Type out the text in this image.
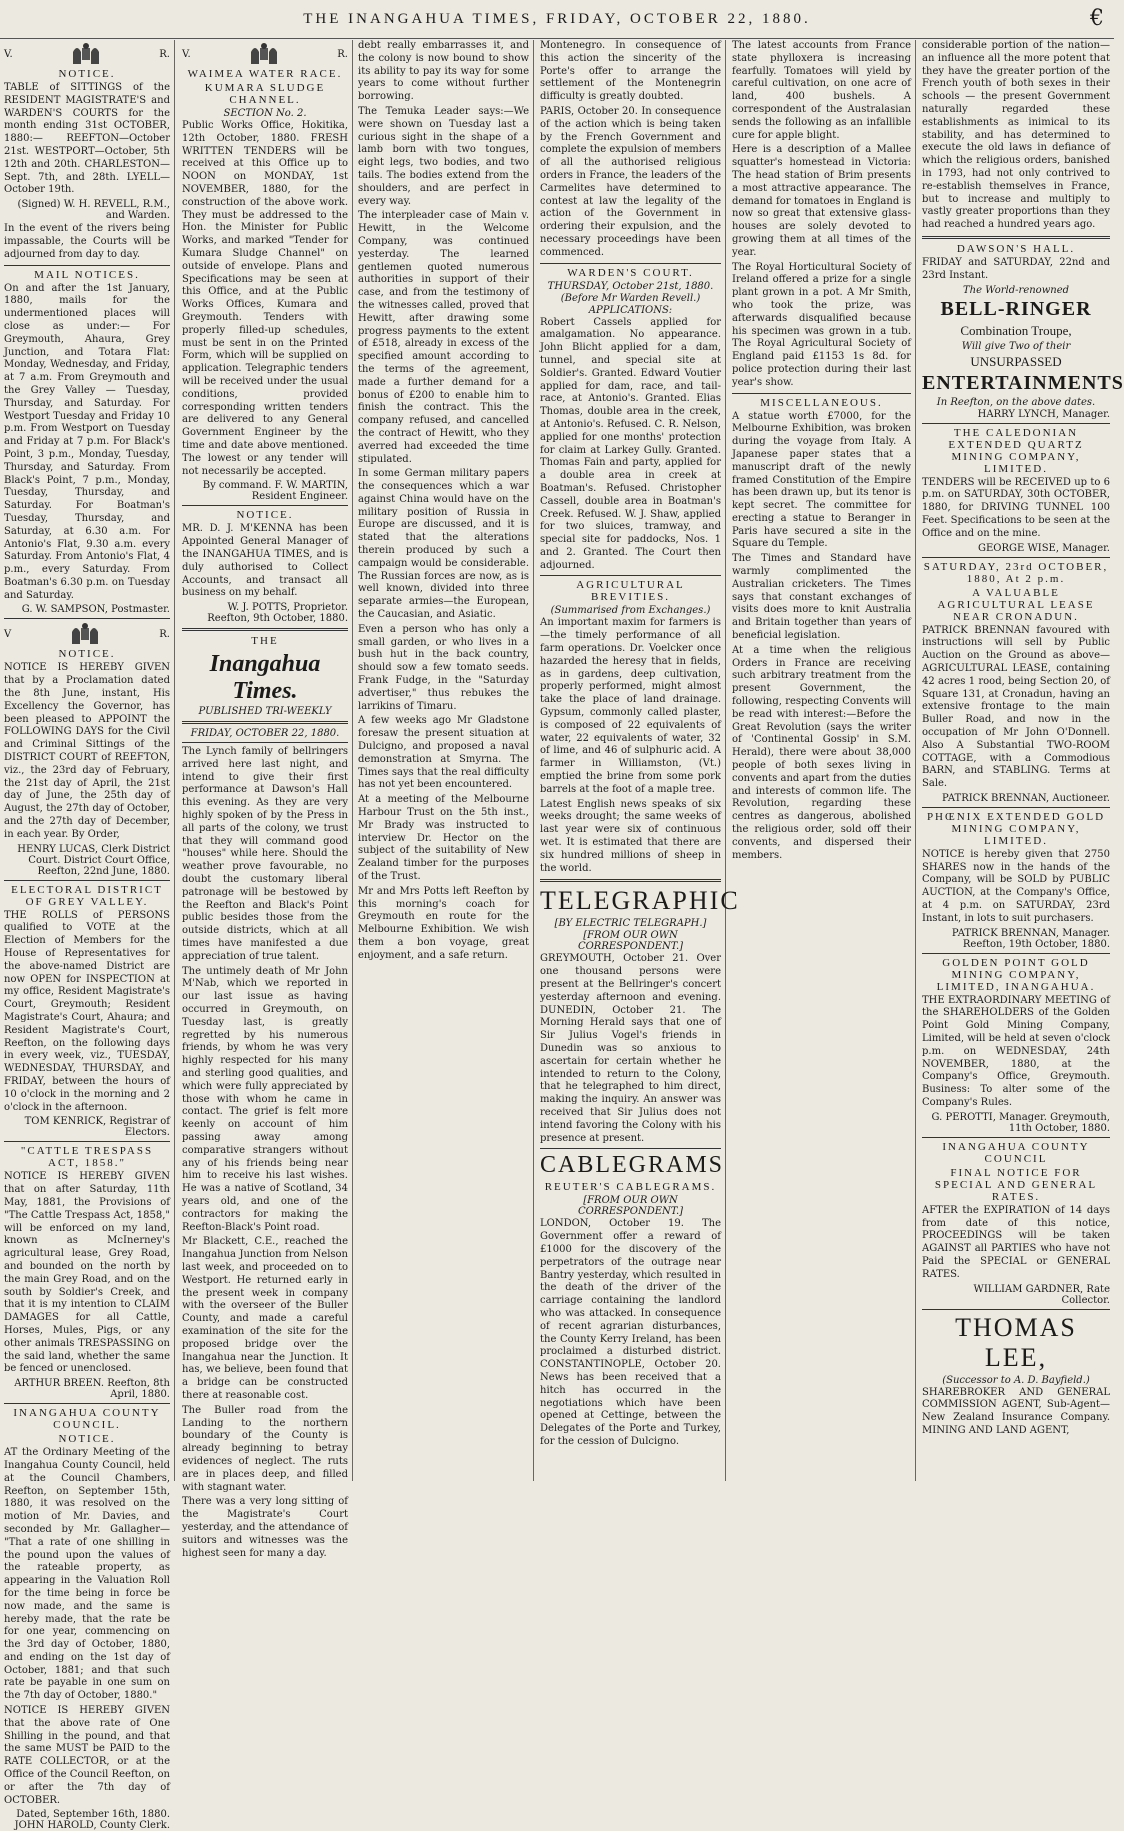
THE INANGAHUA TIMES, FRIDAY, OCTOBER 22, 1880.	€
V.	R.
NOTICE.

TABLE of SITTINGS of the RESIDENT MAGISTRATE'S and WARDEN'S COURTS for the month ending 31st OCTOBER, 1880:— REEFTON—October 21st. WESTPORT—October, 5th 12th and 20th. CHARLESTON—Sept. 7th, and 28th. LYELL—October 19th.

(Signed) W. H. REVELL, R.M., and Warden.

In the event of the rivers being impassable, the Courts will be adjourned from day to day.

MAIL NOTICES.

On and after the 1st January, 1880, mails for the undermentioned places will close as under:— For Greymouth, Ahaura, Grey Junction, and Totara Flat: Monday, Wednesday, and Friday, at 7 a.m. From Greymouth and the Grey Valley — Tuesday, Thursday, and Saturday. For Westport Tuesday and Friday 10 p.m. From Westport on Tuesday and Friday at 7 p.m. For Black's Point, 3 p.m., Monday, Tuesday, Thursday, and Saturday. From Black's Point, 7 p.m., Monday, Tuesday, Thursday, and Saturday. For Boatman's Tuesday, Thursday, and Saturday, at 6.30 a.m. For Antonio's Flat, 9.30 a.m. every Saturday. From Antonio's Flat, 4 p.m., every Saturday. From Boatman's 6.30 p.m. on Tuesday and Saturday.

G. W. SAMPSON, Postmaster.

V	R.
NOTICE.

NOTICE IS HEREBY GIVEN that by a Proclamation dated the 8th June, instant, His Excellency the Governor, has been pleased to APPOINT the FOLLOWING DAYS for the Civil and Criminal Sittings of the DISTRICT COURT of REEFTON, viz., the 23rd day of February, the 21st day of April, the 21st day of June, the 25th day of August, the 27th day of October, and the 27th day of December, in each year. By Order,

HENRY LUCAS, Clerk District Court. District Court Office, Reefton, 22nd June, 1880.

ELECTORAL DISTRICT OF GREY VALLEY.

THE ROLLS of PERSONS qualified to VOTE at the Election of Members for the House of Representatives for the above-named District are now OPEN for INSPECTION at my office, Resident Magistrate's Court, Greymouth; Resident Magistrate's Court, Ahaura; and Resident Magistrate's Court, Reefton, on the following days in every week, viz., TUESDAY, WEDNESDAY, THURSDAY, and FRIDAY, between the hours of 10 o'clock in the morning and 2 o'clock in the afternoon.

TOM KENRICK, Registrar of Electors.

"CATTLE TRESPASS ACT, 1858."

NOTICE IS HEREBY GIVEN that on after Saturday, 11th May, 1881, the Provisions of "The Cattle Trespass Act, 1858," will be enforced on my land, known as McInerney's agricultural lease, Grey Road, and bounded on the north by the main Grey Road, and on the south by Soldier's Creek, and that it is my intention to CLAIM DAMAGES for all Cattle, Horses, Mules, Pigs, or any other animals TRESPASSING on the said land, whether the same be fenced or unenclosed.

ARTHUR BREEN. Reefton, 8th April, 1880.

INANGAHUA COUNTY COUNCIL.
NOTICE.

AT the Ordinary Meeting of the Inangahua County Council, held at the Council Chambers, Reefton, on September 15th, 1880, it was resolved on the motion of Mr. Davies, and seconded by Mr. Gallagher— "That a rate of one shilling in the pound upon the values of the rateable property, as appearing in the Valuation Roll for the time being in force be now made, and the same is hereby made, that the rate be for one year, commencing on the 3rd day of October, 1880, and ending on the 1st day of October, 1881; and that such rate be payable in one sum on the 7th day of October, 1880."

NOTICE IS HEREBY GIVEN that the above rate of One Shilling in the pound, and that the same MUST be PAID to the RATE COLLECTOR, or at the Office of the Council Reefton, on or after the 7th day of OCTOBER.

Dated, September 16th, 1880. JOHN HAROLD, County Clerk.

V.	R.
WAIMEA WATER RACE.
KUMARA SLUDGE CHANNEL.
SECTION No. 2.

Public Works Office, Hokitika, 12th October, 1880. FRESH WRITTEN TENDERS will be received at this Office up to NOON on MONDAY, 1st NOVEMBER, 1880, for the construction of the above work. They must be addressed to the Hon. the Minister for Public Works, and marked "Tender for Kumara Sludge Channel" on outside of envelope. Plans and Specifications may be seen at this Office, and at the Public Works Offices, Kumara and Greymouth. Tenders with properly filled-up schedules, must be sent in on the Printed Form, which will be supplied on application. Telegraphic tenders will be received under the usual conditions, provided corresponding written tenders are delivered to any General Government Engineer by the time and date above mentioned. The lowest or any tender will not necessarily be accepted.

By command. F. W. MARTIN, Resident Engineer.

NOTICE.

MR. D. J. M'KENNA has been Appointed General Manager of the INANGAHUA TIMES, and is duly authorised to Collect Accounts, and transact all business on my behalf.

W. J. POTTS, Proprietor. Reefton, 9th October, 1880.

THE
Inangahua Times.
PUBLISHED TRI-WEEKLY
FRIDAY, OCTOBER 22, 1880.

The Lynch family of bellringers arrived here last night, and intend to give their first performance at Dawson's Hall this evening. As they are very highly spoken of by the Press in all parts of the colony, we trust that they will command good "houses" while here. Should the weather prove favourable, no doubt the customary liberal patronage will be bestowed by the Reefton and Black's Point public besides those from the outside districts, which at all times have manifested a due appreciation of true talent.

The untimely death of Mr John M'Nab, which we reported in our last issue as having occurred in Greymouth, on Tuesday last, is greatly regretted by his numerous friends, by whom he was very highly respected for his many and sterling good qualities, and which were fully appreciated by those with whom he came in contact. The grief is felt more keenly on account of him passing away among comparative strangers without any of his friends being near him to receive his last wishes. He was a native of Scotland, 34 years old, and one of the contractors for making the Reefton-Black's Point road.

Mr Blackett, C.E., reached the Inangahua Junction from Nelson last week, and proceeded on to Westport. He returned early in the present week in company with the overseer of the Buller County, and made a careful examination of the site for the proposed bridge over the Inangahua near the Junction. It has, we believe, been found that a bridge can be constructed there at reasonable cost.

The Buller road from the Landing to the northern boundary of the County is already beginning to betray evidences of neglect. The ruts are in places deep, and filled with stagnant water.

There was a very long sitting of the Magistrate's Court yesterday, and the attendance of suitors and witnesses was the highest seen for many a day.

debt really embarrasses it, and the colony is now bound to show its ability to pay its way for some years to come without further borrowing.

The Temuka Leader says:—We were shown on Tuesday last a curious sight in the shape of a lamb born with two tongues, eight legs, two bodies, and two tails. The bodies extend from the shoulders, and are perfect in every way.

The interpleader case of Main v. Hewitt, in the Welcome Company, was continued yesterday. The learned gentlemen quoted numerous authorities in support of their case, and from the testimony of the witnesses called, proved that Hewitt, after drawing some progress payments to the extent of £518, already in excess of the specified amount according to the terms of the agreement, made a further demand for a bonus of £200 to enable him to finish the contract. This the company refused, and cancelled the contract of Hewitt, who they averred had exceeded the time stipulated.

In some German military papers the consequences which a war against China would have on the military position of Russia in Europe are discussed, and it is stated that the alterations therein produced by such a campaign would be considerable. The Russian forces are now, as is well known, divided into three separate armies—the European, the Caucasian, and Asiatic.

Even a person who has only a small garden, or who lives in a bush hut in the back country, should sow a few tomato seeds. Frank Fudge, in the "Saturday advertiser," thus rebukes the larrikins of Timaru.

A few weeks ago Mr Gladstone foresaw the present situation at Dulcigno, and proposed a naval demonstration at Smyrna. The Times says that the real difficulty has not yet been encountered.

At a meeting of the Melbourne Harbour Trust on the 5th inst., Mr Brady was instructed to interview Dr. Hector on the subject of the suitability of New Zealand timber for the purposes of the Trust.

Mr and Mrs Potts left Reefton by this morning's coach for Greymouth en route for the Melbourne Exhibition. We wish them a bon voyage, great enjoyment, and a safe return.

Montenegro. In consequence of this action the sincerity of the Porte's offer to arrange the settlement of the Montenegrin difficulty is greatly doubted.

PARIS, October 20. In consequence of the action which is being taken by the French Government and complete the expulsion of members of all the authorised religious orders in France, the leaders of the Carmelites have determined to contest at law the legality of the action of the Government in ordering their expulsion, and the necessary proceedings have been commenced.

WARDEN'S COURT.
THURSDAY, October 21st, 1880.
(Before Mr Warden Revell.)
APPLICATIONS:

Robert Cassels applied for amalgamation. No appearance. John Blicht applied for a dam, tunnel, and special site at Soldier's. Granted. Edward Voutier applied for dam, race, and tail-race, at Antonio's. Granted. Elias Thomas, double area in the creek, at Antonio's. Refused. C. R. Nelson, applied for one months' protection for claim at Larkey Gully. Granted. Thomas Fain and party, applied for a double area in creek at Boatman's. Refused. Christopher Cassell, double area in Boatman's Creek. Refused. W. J. Shaw, applied for two sluices, tramway, and special site for paddocks, Nos. 1 and 2. Granted. The Court then adjourned.

AGRICULTURAL BREVITIES.
(Summarised from Exchanges.)

An important maxim for farmers is—the timely performance of all farm operations. Dr. Voelcker once hazarded the heresy that in fields, as in gardens, deep cultivation, properly performed, might almost take the place of land drainage. Gypsum, commonly called plaster, is composed of 22 equivalents of water, 22 equivalents of water, 32 of lime, and 46 of sulphuric acid. A farmer in Williamston, (Vt.) emptied the brine from some pork barrels at the foot of a maple tree.

Latest English news speaks of six weeks drought; the same weeks of last year were six of continuous wet. It is estimated that there are six hundred millions of sheep in the world.

TELEGRAPHIC
[BY ELECTRIC TELEGRAPH.]
[FROM OUR OWN CORRESPONDENT.]

GREYMOUTH, October 21. Over one thousand persons were present at the Bellringer's concert yesterday afternoon and evening. DUNEDIN, October 21. The Morning Herald says that one of Sir Julius Vogel's friends in Dunedin was so anxious to ascertain for certain whether he intended to return to the Colony, that he telegraphed to him direct, making the inquiry. An answer was received that Sir Julius does not intend favoring the Colony with his presence at present.

CABLEGRAMS
REUTER'S CABLEGRAMS.
[FROM OUR OWN CORRESPONDENT.]

LONDON, October 19. The Government offer a reward of £1000 for the discovery of the perpetrators of the outrage near Bantry yesterday, which resulted in the death of the driver of the carriage containing the landlord who was attacked. In consequence of recent agrarian disturbances, the County Kerry Ireland, has been proclaimed a disturbed district. CONSTANTINOPLE, October 20. News has been received that a hitch has occurred in the negotiations which have been opened at Cettinge, between the Delegates of the Porte and Turkey, for the cession of Dulcigno.

The latest accounts from France state phylloxera is increasing fearfully. Tomatoes will yield by careful cultivation, on one acre of land, 400 bushels. A correspondent of the Australasian sends the following as an infallible cure for apple blight.

Here is a description of a Mallee squatter's homestead in Victoria: The head station of Brim presents a most attractive appearance. The demand for tomatoes in England is now so great that extensive glass-houses are solely devoted to growing them at all times of the year.

The Royal Horticultural Society of Ireland offered a prize for a single plant grown in a pot. A Mr Smith, who took the prize, was afterwards disqualified because his specimen was grown in a tub. The Royal Agricultural Society of England paid £1153 1s 8d. for police protection during their last year's show.

MISCELLANEOUS.

A statue worth £7000, for the Melbourne Exhibition, was broken during the voyage from Italy. A Japanese paper states that a manuscript draft of the newly framed Constitution of the Empire has been drawn up, but its tenor is kept secret. The committee for erecting a statue to Beranger in Paris have secured a site in the Square du Temple.

The Times and Standard have warmly complimented the Australian cricketers. The Times says that constant exchanges of visits does more to knit Australia and Britain together than years of beneficial legislation.

At a time when the religious Orders in France are receiving such arbitrary treatment from the present Government, the following, respecting Convents will be read with interest:—Before the Great Revolution (says the writer of 'Continental Gossip' in S.M. Herald), there were about 38,000 people of both sexes living in convents and apart from the duties and interests of common life. The Revolution, regarding these centres as dangerous, abolished the religious order, sold off their convents, and dispersed their members.

considerable portion of the nation—an influence all the more potent that they have the greater portion of the French youth of both sexes in their schools — the present Government naturally regarded these establishments as inimical to its stability, and has determined to execute the old laws in defiance of which the religious orders, banished in 1793, had not only contrived to re-establish themselves in France, but to increase and multiply to vastly greater proportions than they had reached a hundred years ago.

DAWSON'S HALL.

FRIDAY and SATURDAY, 22nd and 23rd Instant.

The World-renowned
BELL-RINGER
Combination Troupe,
Will give Two of their
UNSURPASSED
ENTERTAINMENTS
In Reefton, on the above dates.

HARRY LYNCH, Manager.

THE CALEDONIAN EXTENDED QUARTZ MINING COMPANY, LIMITED.

TENDERS will be RECEIVED up to 6 p.m. on SATURDAY, 30th OCTOBER, 1880, for DRIVING TUNNEL 100 Feet. Specifications to be seen at the Office and on the mine.

GEORGE WISE, Manager.

SATURDAY, 23rd OCTOBER, 1880, At 2 p.m.
A VALUABLE AGRICULTURAL LEASE NEAR CRONADUN.

PATRICK BRENNAN favoured with instructions will sell by Public Auction on the Ground as above— AGRICULTURAL LEASE, containing 42 acres 1 rood, being Section 20, of Square 131, at Cronadun, having an extensive frontage to the main Buller Road, and now in the occupation of Mr John O'Donnell. Also A Substantial TWO-ROOM COTTAGE, with a Commodious BARN, and STABLING. Terms at Sale.

PATRICK BRENNAN, Auctioneer.

PHŒNIX EXTENDED GOLD MINING COMPANY, LIMITED.

NOTICE is hereby given that 2750 SHARES now in the hands of the Company, will be SOLD by PUBLIC AUCTION, at the Company's Office, at 4 p.m. on SATURDAY, 23rd Instant, in lots to suit purchasers.

PATRICK BRENNAN, Manager. Reefton, 19th October, 1880.

GOLDEN POINT GOLD MINING COMPANY, LIMITED, INANGAHUA.

THE EXTRAORDINARY MEETING of the SHAREHOLDERS of the Golden Point Gold Mining Company, Limited, will be held at seven o'clock p.m. on WEDNESDAY, 24th NOVEMBER, 1880, at the Company's Office, Greymouth. Business: To alter some of the Company's Rules.

G. PEROTTI, Manager. Greymouth, 11th October, 1880.

INANGAHUA COUNTY COUNCIL
FINAL NOTICE FOR SPECIAL AND GENERAL RATES.

AFTER the EXPIRATION of 14 days from date of this notice, PROCEEDINGS will be taken AGAINST all PARTIES who have not Paid the SPECIAL or GENERAL RATES.

WILLIAM GARDNER, Rate Collector.

THOMAS LEE,
(Successor to A. D. Bayfield.)

SHAREBROKER AND GENERAL COMMISSION AGENT, Sub-Agent—New Zealand Insurance Company. MINING AND LAND AGENT,
